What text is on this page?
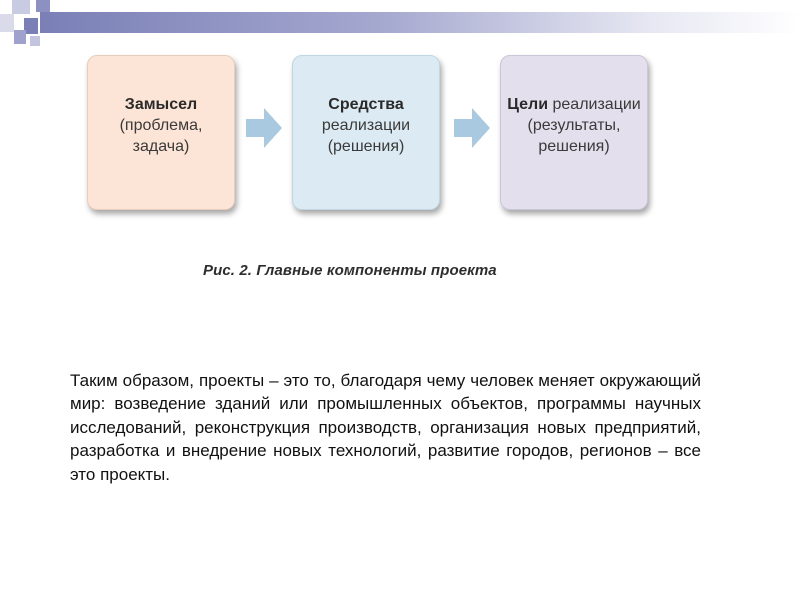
Замысел
(проблема,
задача)
Средства
реализации
(решения)
Цели реализации
(результаты,
решения)
Рис. 2. Главные компоненты проекта

Таким образом, проекты – это то, благодаря чему человек меняет окружающий мир: возведение зданий или промышленных объектов, программы научных исследований, реконструкция производств, организация новых предприятий, разработка и внедрение новых технологий, развитие городов, регионов – все это проекты.
